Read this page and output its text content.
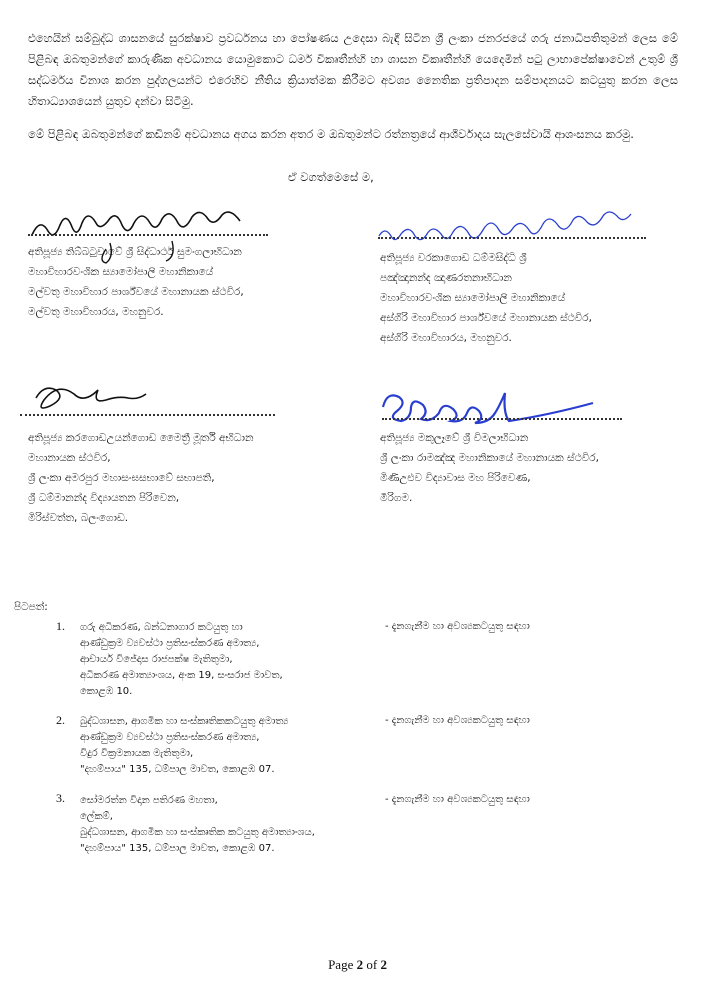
එහෙයින් සම්බුද්ධ ශාසනයේ සුරක්ෂාව ප්‍රවර්ධනය හා පෝෂණය උදෙසා බැඳී සිටින ශ්‍රී ලංකා ජනරජයේ ගරු ජනාධිපතිතුමන් ලෙස මේ පිළිබඳ ඔබතුමන්ගේ කාරුණික අවධානය යොමුකොට ධර්ම විකෘතීන්හි හා ශාසන විකෘතීන්හි යෙදෙමින් පටු ලාභාපේක්ෂාවෙන් උතුම් ශ්‍රී සද්ධර්මය විනාශ කරන පුද්ගලයන්ට එරෙහිව නීතිය ක්‍රියාත්මක කිරීමට අවශ්‍ය නෛතික ප්‍රතිපාදන සම්පාදනයට කටයුතු කරන ලෙස හිතාධ්‍යාශයෙන් යුතුව දන්වා සිටිමු.
මේ පිළිබඳ ඔබතුමන්ගේ කඩිනම් අවධානය අගය කරන අතර ම ඔබතුමන්ට රත්නත්‍රයේ ආශීර්වාදය සැලසේවායි ආශංසනය කරමු.
ඒ වගත්මෙසේ ම,
අතිපූජ්‍ය තිබ්බටුවාවේ ශ්‍රී සිද්ධාර්ථ සුමංගලාභිධාන
මහාවිහාරවංශික ස්‍යාමෝපාලි මහානිකායේ
මල්වතු මහාවිහාර පාර්ශ්වයේ මහානායක ස්ථවිර,
මල්වතු මහාවිහාරය, මහනුවර.
අතිපූජ්‍ය වරකාගොඩ ධම්මසිද්ධි ශ්‍රී
පඤ්ඤානන්ද ඤාණරතනාභිධාන
මහාවිහාරවංශික ස්‍යාමෝපාලි මහානිකායේ
අස්ගිරි මහාවිහාර පාර්ශ්වයේ මහානායක ස්ථවිර,
අස්ගිරි මහාවිහාරය, මහනුවර.
අතිපූජ්‍ය කරගොඩඋයන්ගොඩ මෛත්‍රී මූර්ති අභිධාන
මහානායක ස්ථවිර,
ශ්‍රී ලංකා අමරපුර මහාසංඝසභාවේ සභාපති,
ශ්‍රී ධම්මානන්ද විද්‍යායතන පිරිවෙන,
මිරිස්වත්ත, බලංගොඩ.
අතිපූජ්‍ය මකුලෑවේ ශ්‍රී විමලාභිධාන
ශ්‍රී ලංකා රාමඤ්ඤ මහානිකායේ මහානායක ස්ථවිර,
මිණිඋළුව විද්‍යාවාස මහ පිරිවෙණ,
මීරිගම.
පිටපත්:
1. ගරු අධිකරණ, බන්ධනාගාර කටයුතු හා
ආණ්ඩුක්‍රම ව්‍යවස්ථා ප්‍රතිසංස්කරණ අමාත්‍ය,
ආචාර්ය විජේදාස රාජපක්ෂ මැතිතුමා,
අධිකරණ අමාත්‍යාංශය, අංක 19, සංසරාජ මාවත,
කොළඹ 10.
- දැනගැනීම හා අවශ්‍යකටයුතු සඳහා
2. බුද්ධශාසන, ආගමික හා සංස්කෘතිකකටයුතු අමාත්‍ය
ආණ්ඩුක්‍රම ව්‍යවස්ථා ප්‍රතිසංස්කරණ අමාත්‍ය,
විදුර වික්‍රමනායක මැතිතුමා,
"දහම්පාය" 135, ධම්පාල මාවත, කොළඹ 07.
- දැනගැනීම හා අවශ්‍යකටයුතු සඳහා
3. සෝමරත්න විදාන පතිරණ මහතා,
ලේකම්,
බුද්ධශාසන, ආගමික හා සංස්කෘතික කටයුතු අමාත්‍යාංශය,
"දහම්පාය" 135, ධම්පාල මාවත, කොළඹ 07.
- දැනගැනීම හා අවශ්‍යකටයුතු සඳහා
Page 2 of 2
